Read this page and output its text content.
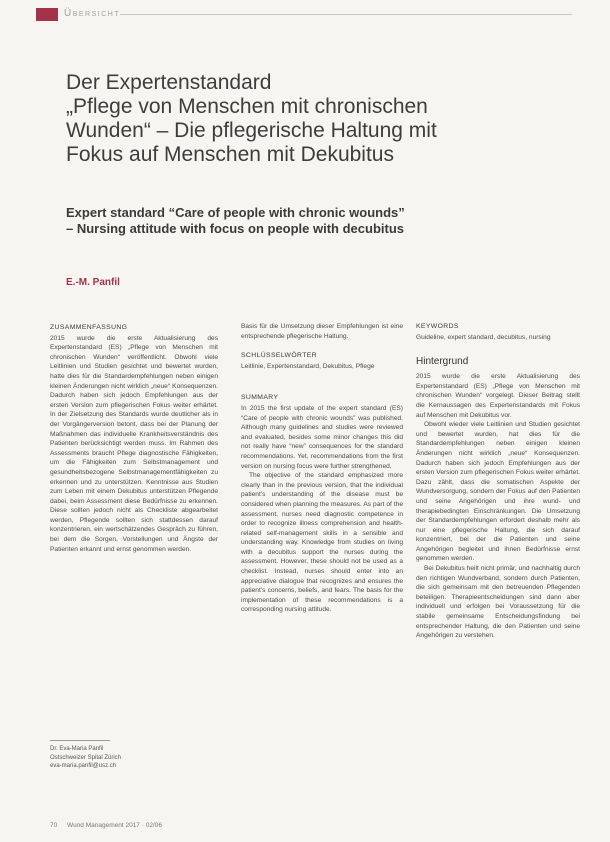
Übersicht
Der Expertenstandard
„Pflege von Menschen mit chronischen
Wunden“ – Die pflegerische Haltung mit
Fokus auf Menschen mit Dekubitus
Expert standard “Care of people with chronic wounds”
– Nursing attitude with focus on people with decubitus
E.-M. Panfil
ZUSAMMENFASSUNG

2015 wurde die erste Aktualisierung des Expertenstandard (ES) „Pflege von Menschen mit chronischen Wunden“ veröffentlicht. Obwohl viele Leitlinien und Studien gesichtet und bewertet wurden, hatte dies für die Standardempfehlungen neben einigen kleinen Änderungen nicht wirklich „neue“ Konsequenzen. Dadurch haben sich jedoch Empfehlungen aus der ersten Version zum pflegerischen Fokus weiter erhärtet. In der Zielsetzung des Standards wurde deutlicher als in der Vorgängerversion betont, dass bei der Planung der Maßnahmen das individuelle Krankheitsverständnis des Patienten berücksichtigt werden muss. Im Rahmen des Assessments braucht Pflege diagnostische Fähigkeiten, um die Fähigkeiten zum Selbstmanagement und gesundheitsbezogene Selbstmanagementfähigkeiten zu erkennen und zu unterstützen. Kenntnisse aus Studien zum Leben mit einem Dekubitus unterstützen Pflegende dabei, beim Assessment diese Bedürfnisse zu erkennen. Diese sollten jedoch nicht als Checkliste abgearbeitet werden, Pflegende sollten sich stattdessen darauf konzentrieren, ein wertschätzendes Gespräch zu führen, bei dem die Sorgen, Vorstellungen und Ängste der Patienten erkannt und ernst genommen werden.

Basis für die Umsetzung dieser Empfehlungen ist eine entsprechende pflegerische Haltung.

SCHLÜSSELWÖRTER

Leitlinie, Expertenstandard, Dekubitus, Pflege

SUMMARY

In 2015 the first update of the expert standard (ES) “Care of people with chronic wounds” was published. Although many guidelines and studies were reviewed and evaluated, besides some minor changes this did not really have “new” consequences for the standard recommendations. Yet, recommendations from the first version on nursing focus were further strengthened.

The objective of the standard emphasized more clearly than in the previous version, that the individual patient’s understanding of the disease must be considered when planning the measures. As part of the assessment, nurses need diagnostic competence in order to recognize illness comprehension and health-related self-management skills in a sensible and understanding way. Knowledge from studies on living with a decubitus support the nurses during the assessment. However, these should not be used as a checklist. Instead, nurses should enter into an appreciative dialogue that recognizes and ensures the patient’s concerns, beliefs, and fears. The basis for the implementation of these recommendations is a corresponding nursing attitude.

KEYWORDS

Guideline, expert standard, decubitus, nursing

Hintergrund

2015 wurde die erste Aktualisierung des Expertenstandard (ES) „Pflege von Menschen mit chronischen Wunden“ vorgelegt. Dieser Beitrag stellt die Kernaussagen des Expertenstandards mit Fokus auf Menschen mit Dekubitus vor.

Obwohl wieder viele Leitlinien und Studien gesichtet und bewertet wurden, hat dies für die Standardempfehlungen neben einigen kleinen Änderungen nicht wirklich „neue“ Konsequenzen. Dadurch haben sich jedoch Empfehlungen aus der ersten Version zum pflegerischen Fokus weiter erhärtet. Dazu zählt, dass die somatischen Aspekte der Wundversorgung, sondern der Fokus auf den Patienten und seine Angehörigen und ihre wund- und therapiebedingten Einschränkungen. Die Umsetzung der Standardempfehlungen erfordert deshalb mehr als nur eine pflegerische Haltung, die sich darauf konzentriert, bei der die Patienten und seine Angehörigen begleitet und ihnen Bedürfnisse ernst genommen werden.

Bei Dekubitus heilt nicht primär, und nachhaltig durch den richtigen Wundverband, sondern durch Patienten, die sich gemeinsam mit den betreuenden Pflegenden beteiligen. Therapieentscheidungen sind dann aber individuell und erfolgen bei Voraussetzung für die stabile gemeinsame Entscheidungsfindung bei entsprechender Haltung, die den Patienten und seine Angehörigen zu verstehen.

Dr. Eva-Maria Panfil
Ostschweizer Spital Zürich
eva-maria.panfil@usz.ch
70 Wund Management 2017 · 02/06
